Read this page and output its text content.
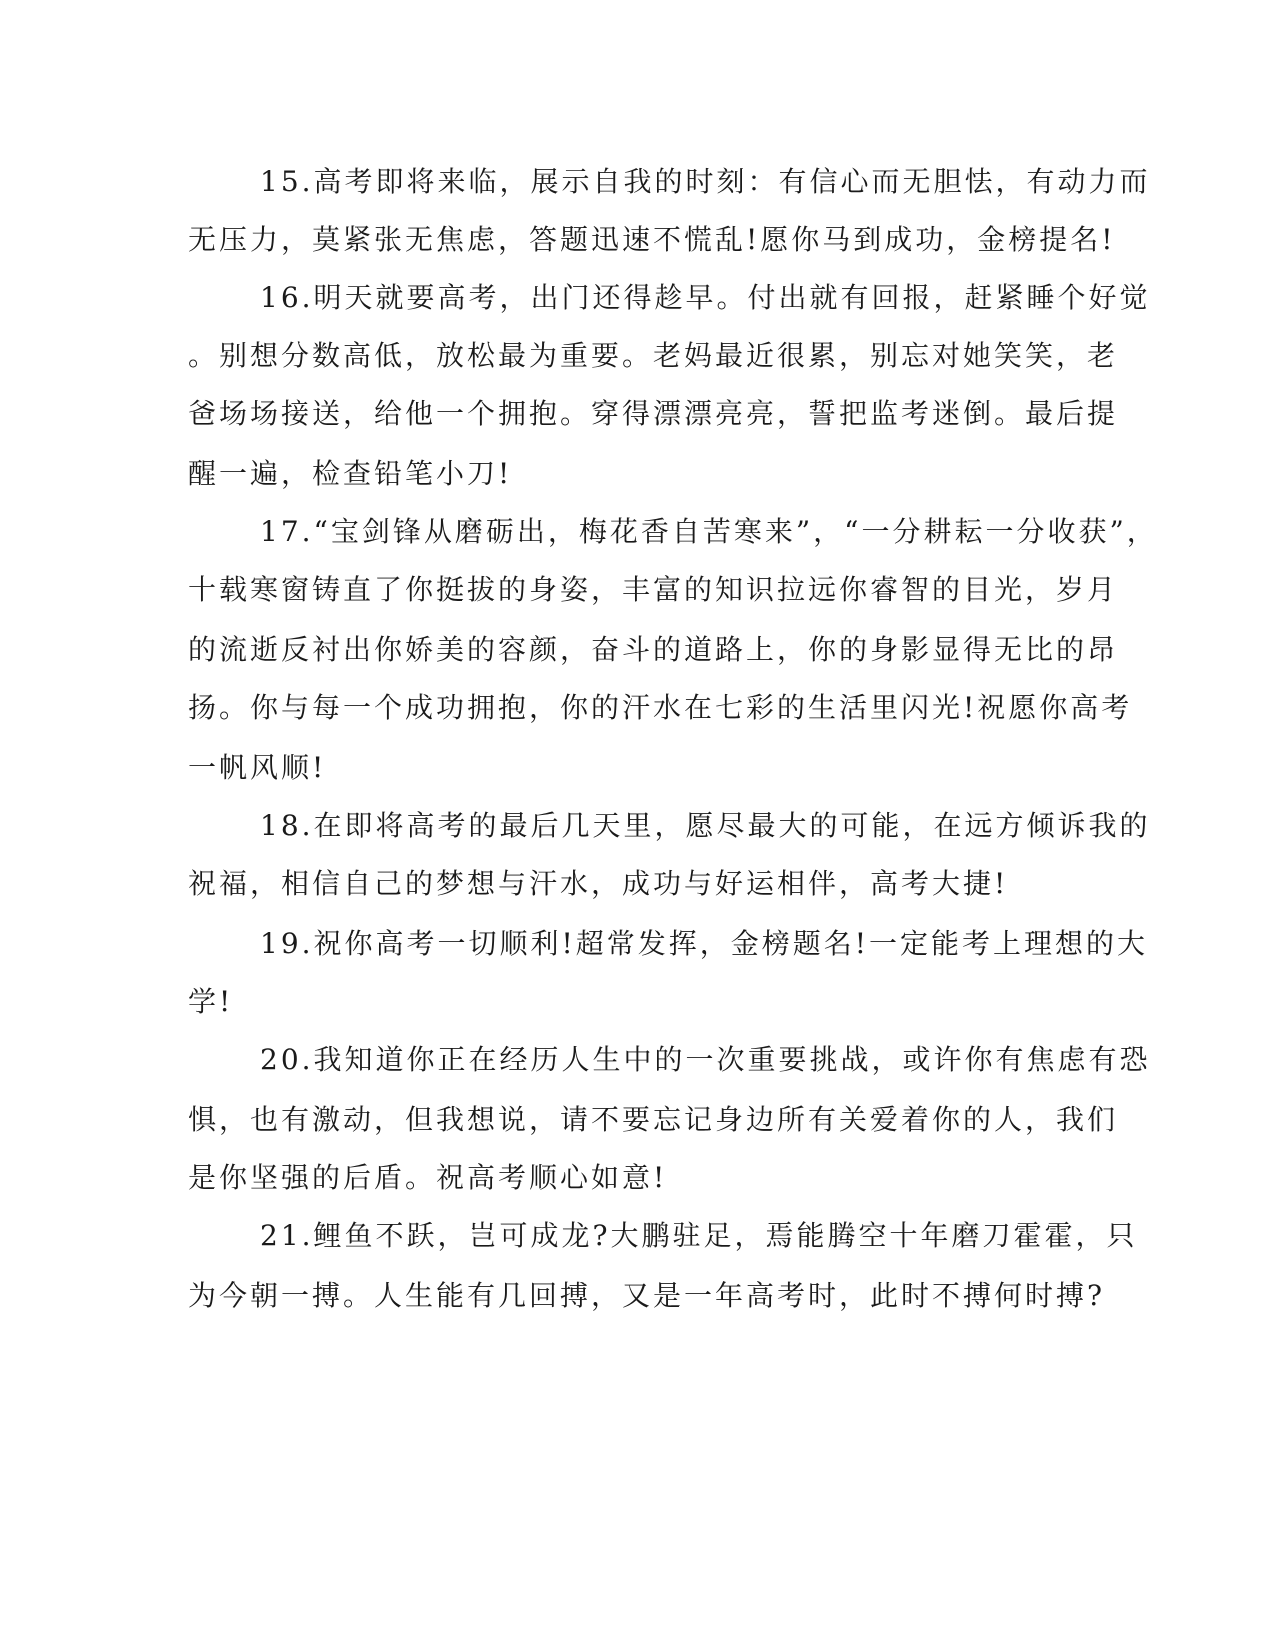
15.高考即将来临，展示自我的时刻：有信心而无胆怯，有动力而
无压力，莫紧张无焦虑，答题迅速不慌乱!愿你马到成功，金榜提名!
16.明天就要高考，出门还得趁早。付出就有回报，赶紧睡个好觉
。别想分数高低，放松最为重要。老妈最近很累，别忘对她笑笑，老
爸场场接送，给他一个拥抱。穿得漂漂亮亮，誓把监考迷倒。最后提
醒一遍，检查铅笔小刀!
17.“宝剑锋从磨砺出，梅花香自苦寒来”，“一分耕耘一分收获”，
十载寒窗铸直了你挺拔的身姿，丰富的知识拉远你睿智的目光，岁月
的流逝反衬出你娇美的容颜，奋斗的道路上，你的身影显得无比的昂
扬。你与每一个成功拥抱，你的汗水在七彩的生活里闪光!祝愿你高考
一帆风顺!
18.在即将高考的最后几天里，愿尽最大的可能，在远方倾诉我的
祝福，相信自己的梦想与汗水，成功与好运相伴，高考大捷!
19.祝你高考一切顺利!超常发挥，金榜题名!一定能考上理想的大
学!
20.我知道你正在经历人生中的一次重要挑战，或许你有焦虑有恐
惧，也有激动，但我想说，请不要忘记身边所有关爱着你的人，我们
是你坚强的后盾。祝高考顺心如意!
21.鲤鱼不跃，岂可成龙?大鹏驻足，焉能腾空十年磨刀霍霍，只
为今朝一搏。人生能有几回搏，又是一年高考时，此时不搏何时搏?
